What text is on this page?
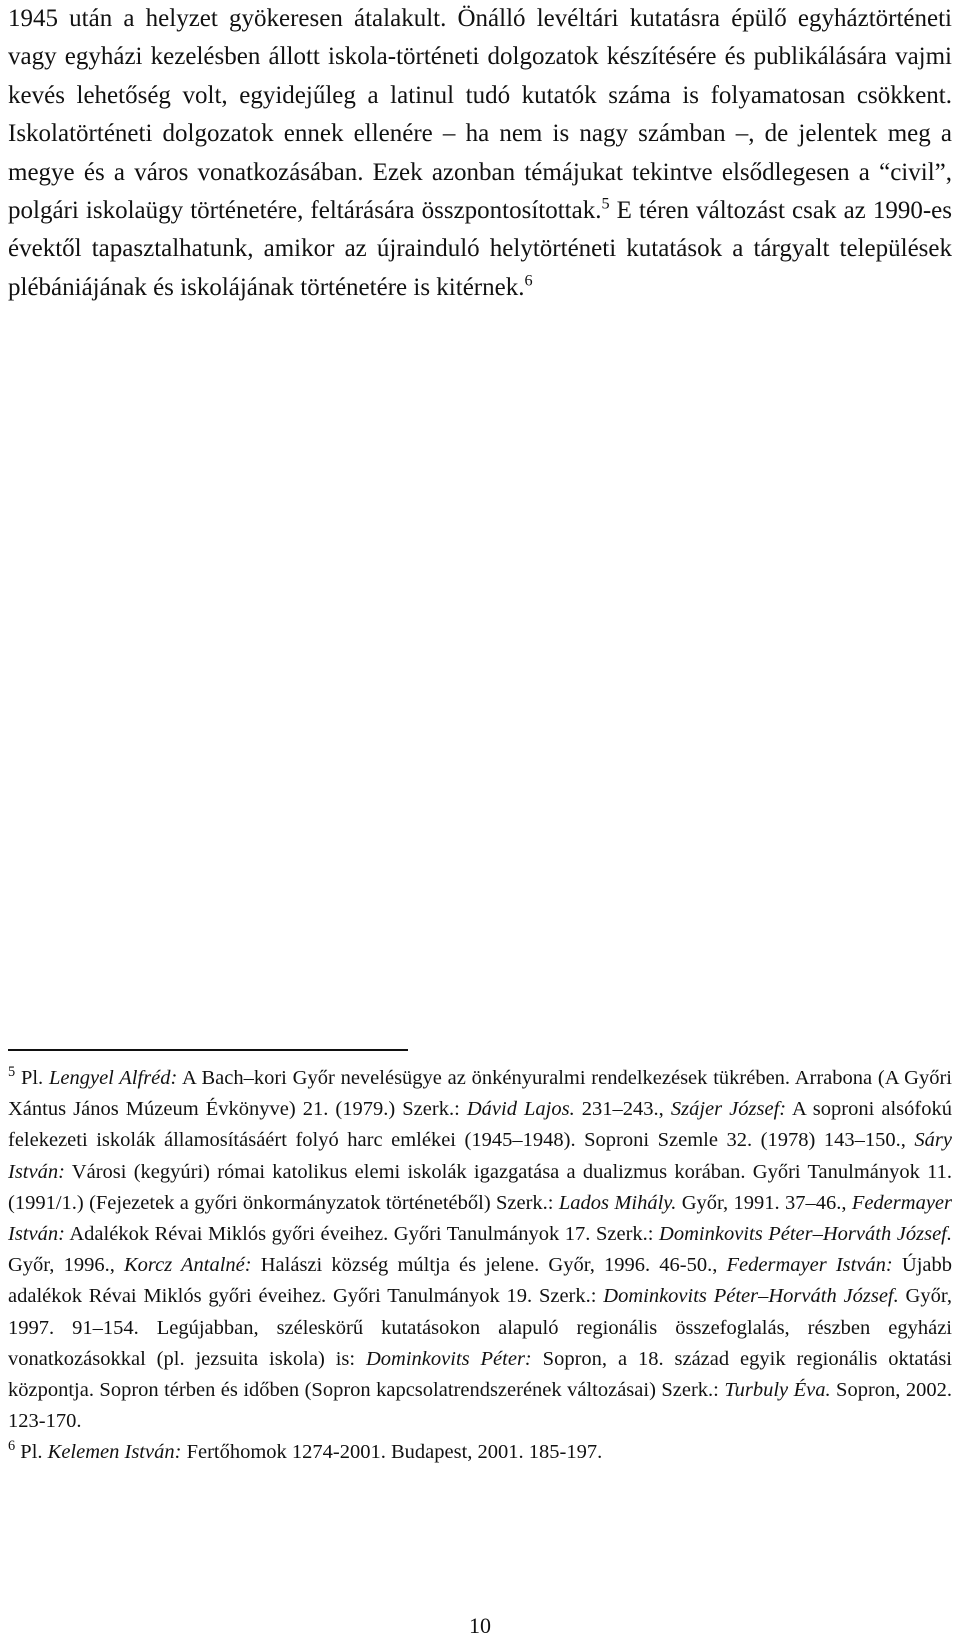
1945 után a helyzet gyökeresen átalakult. Önálló levéltári kutatásra épülő egyháztörténeti vagy egyházi kezelésben állott iskola-történeti dolgozatok készítésére és publikálására vajmi kevés lehetőség volt, egyidejűleg a latinul tudó kutatók száma is folyamatosan csökkent. Iskolatörténeti dolgozatok ennek ellenére – ha nem is nagy számban –, de jelentek meg a megye és a város vonatkozásában. Ezek azonban témájukat tekintve elsődlegesen a “civil”, polgári iskolaügy történetére, feltárására összpontosítottak.$^5$ E téren változást csak az 1990-es évektől tapasztalhatunk, amikor az újrainduló helytörténeti kutatások a tárgyalt települések plébániájának és iskolájának történetére is kitérnek.$^6$

$^5$ Pl. Lengyel Alfréd: A Bach–kori Győr nevelésügye az önkényuralmi rendelkezések tükrében. Arrabona (A Győri Xántus János Múzeum Évkönyve) 21. (1979.) Szerk.: Dávid Lajos. 231–243., Szájer József: A soproni alsófokú felekezeti iskolák államosításáért folyó harc emlékei (1945–1948). Soproni Szemle 32. (1978) 143–150., Sáry István: Városi (kegyúri) római katolikus elemi iskolák igazgatása a dualizmus korában. Győri Tanulmányok 11. (1991/1.) (Fejezetek a győri önkormányzatok történetéből) Szerk.: Lados Mihály. Győr, 1991. 37–46., Federmayer István: Adalékok Révai Miklós győri éveihez. Győri Tanulmányok 17. Szerk.: Dominkovits Péter–Horváth József. Győr, 1996., Korcz Antalné: Halászi község múltja és jelene. Győr, 1996. 46-50., Federmayer István: Újabb adalékok Révai Miklós győri éveihez. Győri Tanulmányok 19. Szerk.: Dominkovits Péter–Horváth József. Győr, 1997. 91–154. Legújabban, széleskörű kutatásokon alapuló regionális összefoglalás, részben egyházi vonatkozásokkal (pl. jezsuita iskola) is: Dominkovits Péter: Sopron, a 18. század egyik regionális oktatási központja. Sopron térben és időben (Sopron kapcsolatrendszerének változásai) Szerk.: Turbuly Éva. Sopron, 2002. 123-170.

$^6$ Pl. Kelemen István: Fertőhomok 1274-2001. Budapest, 2001. 185-197.

10
